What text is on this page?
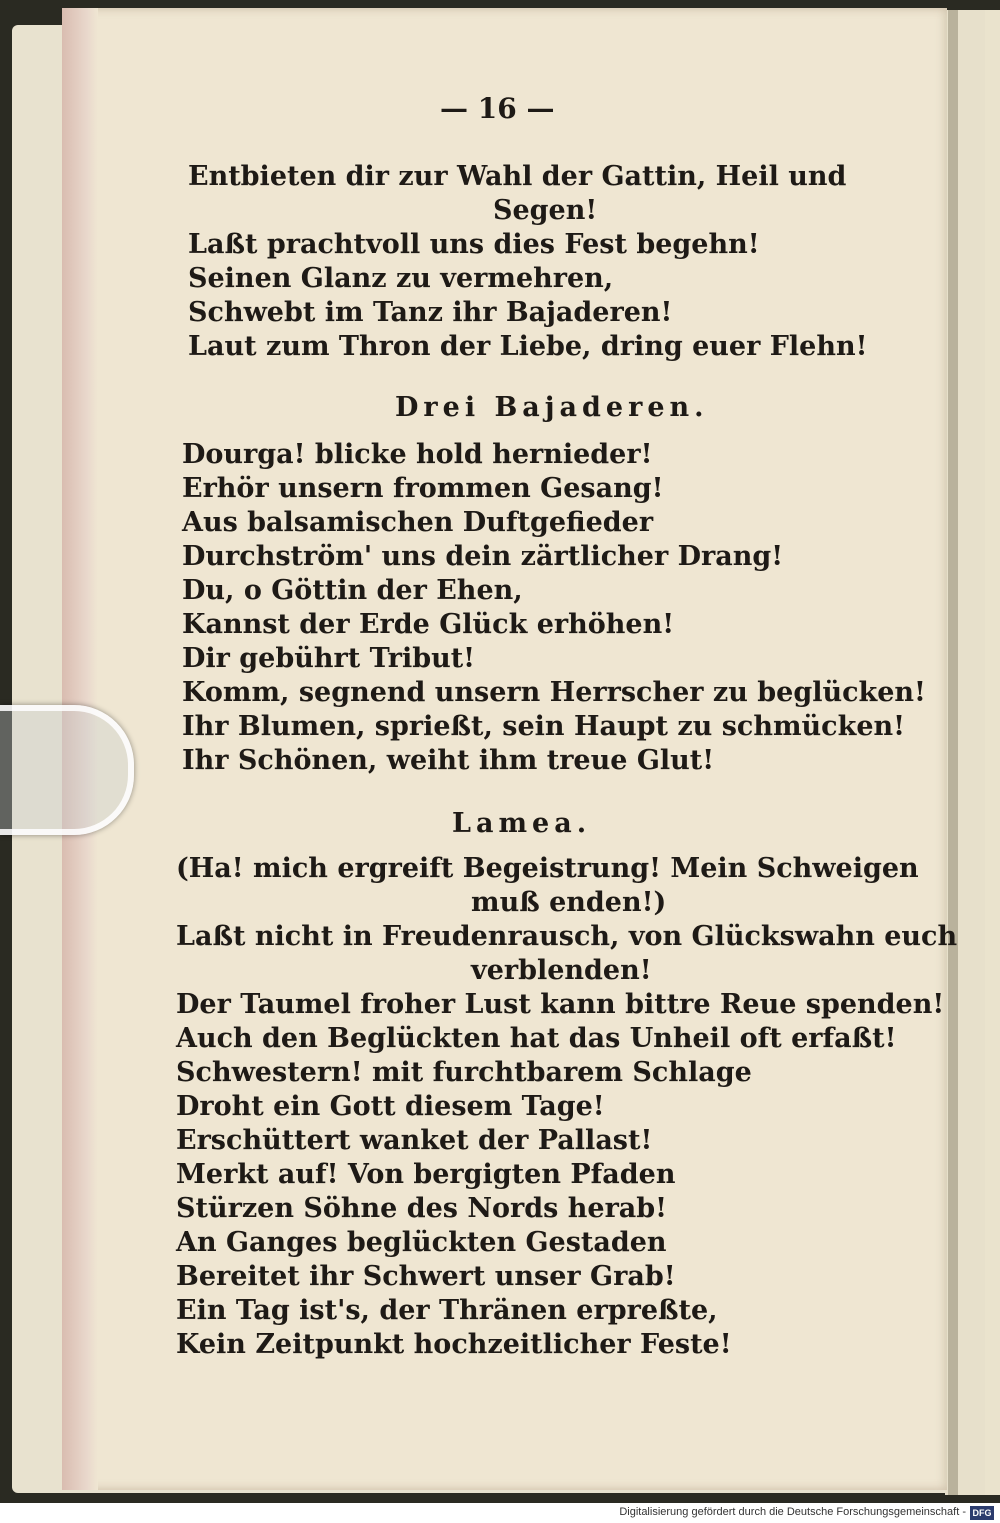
— 16 —
Entbieten dir zur Wahl der Gattin, Heil und
Segen!
Laßt prachtvoll uns dies Fest begehn!
Seinen Glanz zu vermehren,
Schwebt im Tanz ihr Bajaderen!
Laut zum Thron der Liebe, dring euer Flehn!
Drei Bajaderen.
Dourga! blicke hold hernieder!
Erhör unsern frommen Gesang!
Aus balsamischen Duftgefieder
Durchström' uns dein zärtlicher Drang!
Du, o Göttin der Ehen,
Kannst der Erde Glück erhöhen!
Dir gebührt Tribut!
Komm, segnend unsern Herrscher zu beglücken!
Ihr Blumen, sprießt, sein Haupt zu schmücken!
Ihr Schönen, weiht ihm treue Glut!
Lamea.
(Ha! mich ergreift Begeistrung! Mein Schweigen
muß enden!)
Laßt nicht in Freudenrausch, von Glückswahn euch
verblenden!
Der Taumel froher Lust kann bittre Reue spenden!
Auch den Beglückten hat das Unheil oft erfaßt!
Schwestern! mit furchtbarem Schlage
Droht ein Gott diesem Tage!
Erschüttert wanket der Pallast!
Merkt auf! Von bergigten Pfaden
Stürzen Söhne des Nords herab!
An Ganges beglückten Gestaden
Bereitet ihr Schwert unser Grab!
Ein Tag ist's, der Thränen erpreßte,
Kein Zeitpunkt hochzeitlicher Feste!
Digitalisierung gefördert durch die Deutsche Forschungsgemeinschaft - DFG
